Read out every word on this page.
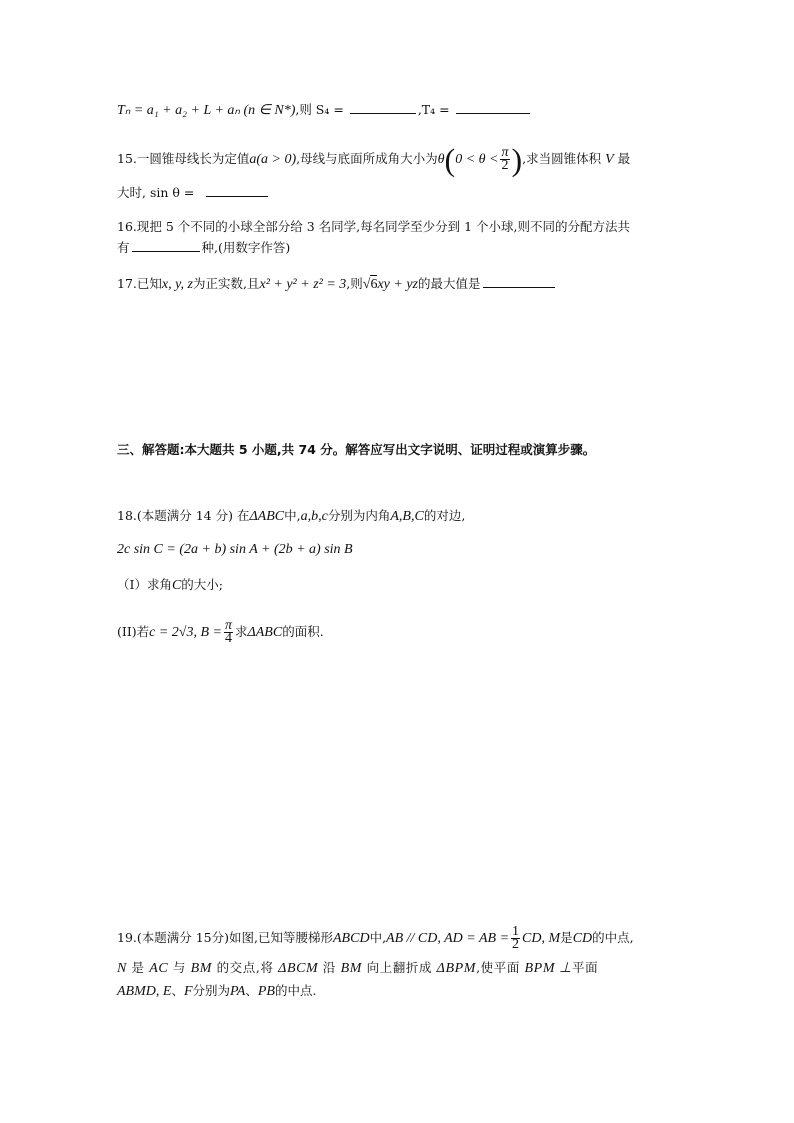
Tₙ = a₁ + a₂ + L + aₙ (n ∈ N*),则 S₄ =	,T₄ =
15.一圆锥母线长为定值a(a > 0),母线与底面所成角大小为$\theta(0 < \theta < \frac{\pi}{2}$ ),求当圆锥体积 V 最
大时, sin θ =
16.现把 5 个不同的小球全部分给 3 名同学,每名同学至少分到 1 个小球,则不同的分配方法共
有	种,(用数字作答)
17.已知x, y, z为正实数,且x² + y² + z² = 3,则√6xy + yz的最大值是
三、解答题:本大题共 5 小题,共 74 分。解答应写出文字说明、证明过程或演算步骤。
18.(本题满分 14 分) 在ΔABC中,a,b,c分别为内角A,B,C的对边,
2c sin C = (2a + b) sin A + (2b + a) sin B
（I）求角C的大小;
(II)若c = 2√3, $B = \frac{\pi}{4}$ 求ΔABC的面积.
19.(本题满分 15分)如图,已知等腰梯形ABCD中,AB // CD, AD = AB = $\frac{1}{2}$ CD, M是CD的中点,
N 是 AC 与 BM 的交点,将 ΔBCM 沿 BM 向上翻折成 ΔBPM,使平面 BPM ⊥平面
ABMD, E、F分别为PA、PB的中点.
